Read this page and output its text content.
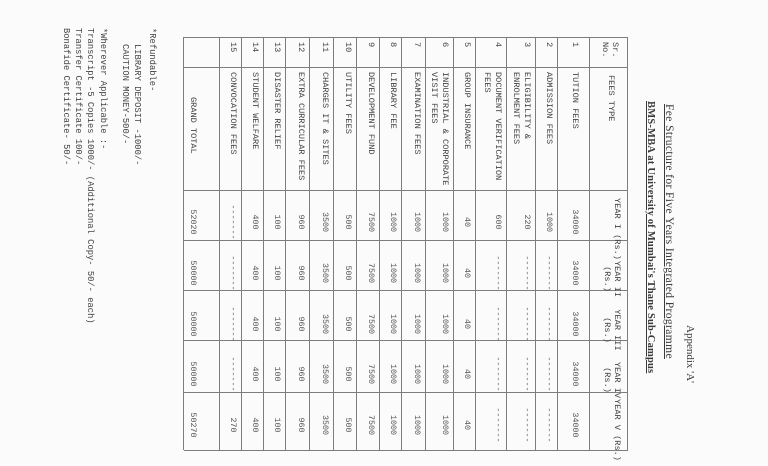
Appendix 'A'
Fee Structure for Five Years Integrated Programme
BMS-MBA at University of Mumbai's Thane Sub-Campus
Sr. No.
FEES TYPE
YEAR I (Rs.)
YEAR II (Rs.)
YEAR III (Rs.)
YEAR IV (Rs.)
YEAR V (Rs.)
1
TUTION FEES
34000
34000
34000
34000
34000
2
ADMISSION FEES
1000
-------
-------
-------
-------
3
ELIGIBILITY & ENROLMENT FEES
220
-------
-------
-------
-------
4
DOCUMENT VERIFICATION FEES
600
-------
-------
-------
-------
5
GROUP INSURANCE
40
40
40
40
40
6
INDUSTRIAL & CORPORATE VISIT FEES
1000
1000
1000
1000
1000
7
EXAMINATION FEES
1000
1000
1000
1000
1000
8
LIBRARY FEE
1000
1000
1000
1000
1000
9
DEVELOPMENT FUND
7500
7500
7500
7500
7500
10
UTILITY FEES
500
500
500
500
500
11
CHARGES IT & SITES
3500
3500
3500
3500
3500
12
EXTRA CURRICULAR FEES
960
960
960
960
960
13
DISASTER RELIEF
100
100
100
100
100
14
STUDENT WELFARE
400
400
400
400
400
15
CONVOCATION FEES
-------
-------
-------
-------
270
GRAND TOTAL
52020
50000
50000
50000
50270
*Refundable-
LIBRARY DEPOSIT -1000/-
CAUTION MONEY-500/-
*Wherever Applicable :-
Transcript -5 Copies 1000/- (Additional Copy- 50/- each)
Transfer Certificate 100/-
Bonafide Certificate- 50/-
